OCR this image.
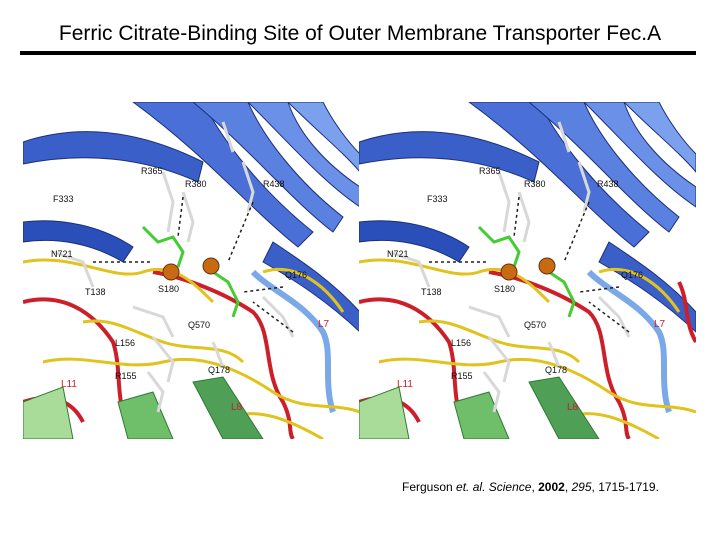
Ferric Citrate-Binding Site of Outer Membrane Transporter Fec.A
R365
R380	R438
F333
N721
Q176
T138	S180
Q570
L156
R155
Q178
L7
L11
L8
R365
R380	R438
F333
N721
Q176
T138	S180
Q570
L156
R155
Q178
L7
L11
L8
Ferguson et. al. Science, 2002, 295, 1715-1719.
